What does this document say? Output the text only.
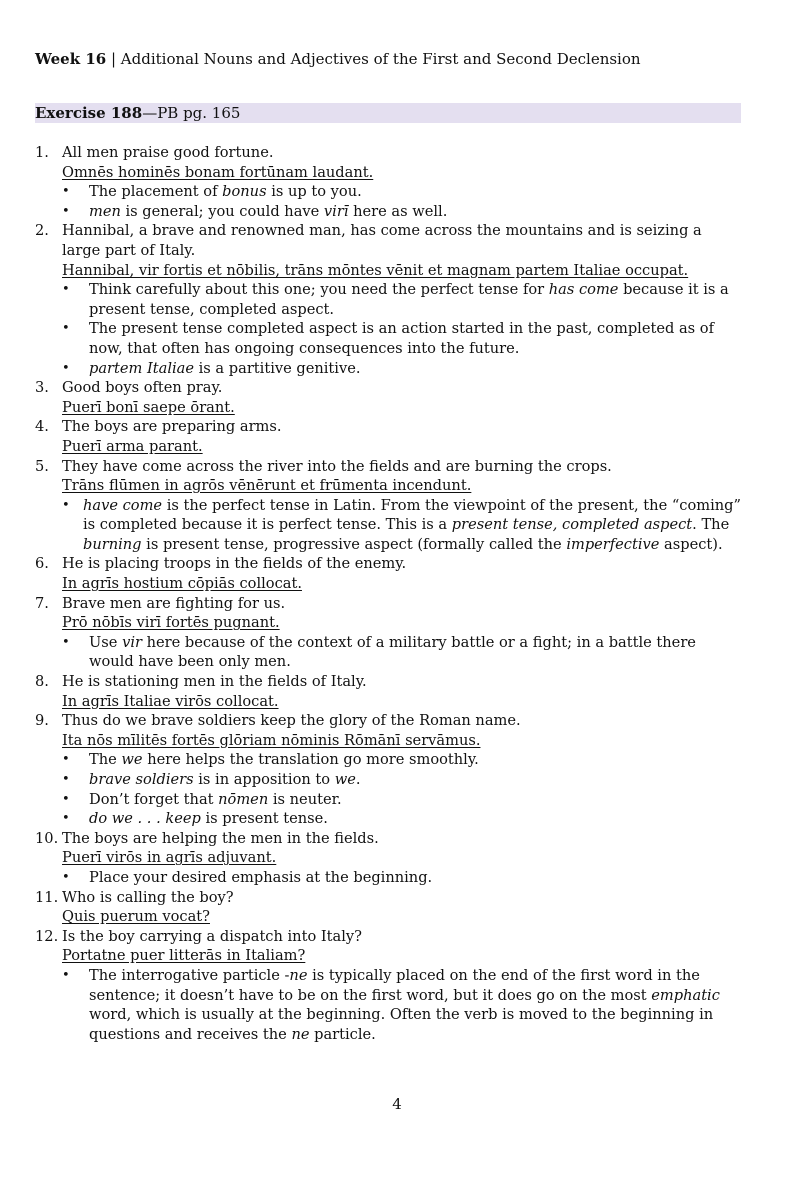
Week 16 | Additional Nouns and Adjectives of the First and Second Declension
Exercise 188—PB pg. 165
1. All men praise good fortune.
Omnēs hominēs bonam fortūnam laudant.
• The placement of bonus is up to you.
• men is general; you could have virī here as well.
2. Hannibal, a brave and renowned man, has come across the mountains and is seizing a large part of Italy.
Hannibal, vir fortis et nōbilis, trāns mōntes vēnit et magnam partem Italiae occupat.
• Think carefully about this one; you need the perfect tense for has come because it is a present tense, completed aspect.
• The present tense completed aspect is an action started in the past, completed as of now, that often has ongoing consequences into the future.
• partem Italiae is a partitive genitive.
3. Good boys often pray.
Puerī bonī saepe ōrant.
4. The boys are preparing arms.
Puerī arma parant.
5. They have come across the river into the fields and are burning the crops.
Trāns flūmen in agrōs vēnērunt et frūmenta incendunt.
• have come is the perfect tense in Latin. From the viewpoint of the present, the “coming” is completed because it is perfect tense. This is a present tense, completed aspect. The burning is present tense, progressive aspect (formally called the imperfective aspect).
6. He is placing troops in the fields of the enemy.
In agrīs hostium cōpiās collocat.
7. Brave men are fighting for us.
Prō nōbīs virī fortēs pugnant.
• Use vir here because of the context of a military battle or a fight; in a battle there would have been only men.
8. He is stationing men in the fields of Italy.
In agrīs Italiae virōs collocat.
9. Thus do we brave soldiers keep the glory of the Roman name.
Ita nōs mīlitēs fortēs glōriam nōminis Rōmānī servāmus.
• The we here helps the translation go more smoothly.
• brave soldiers is in apposition to we.
• Don’t forget that nōmen is neuter.
• do we . . . keep is present tense.
10. The boys are helping the men in the fields.
Puerī virōs in agrīs adjuvant.
• Place your desired emphasis at the beginning.
11. Who is calling the boy?
Quis puerum vocat?
12. Is the boy carrying a dispatch into Italy?
Portatne puer litterās in Italiam?
• The interrogative particle -ne is typically placed on the end of the first word in the sentence; it doesn’t have to be on the first word, but it does go on the most emphatic word, which is usually at the beginning. Often the verb is moved to the beginning in questions and receives the ne particle.
4
